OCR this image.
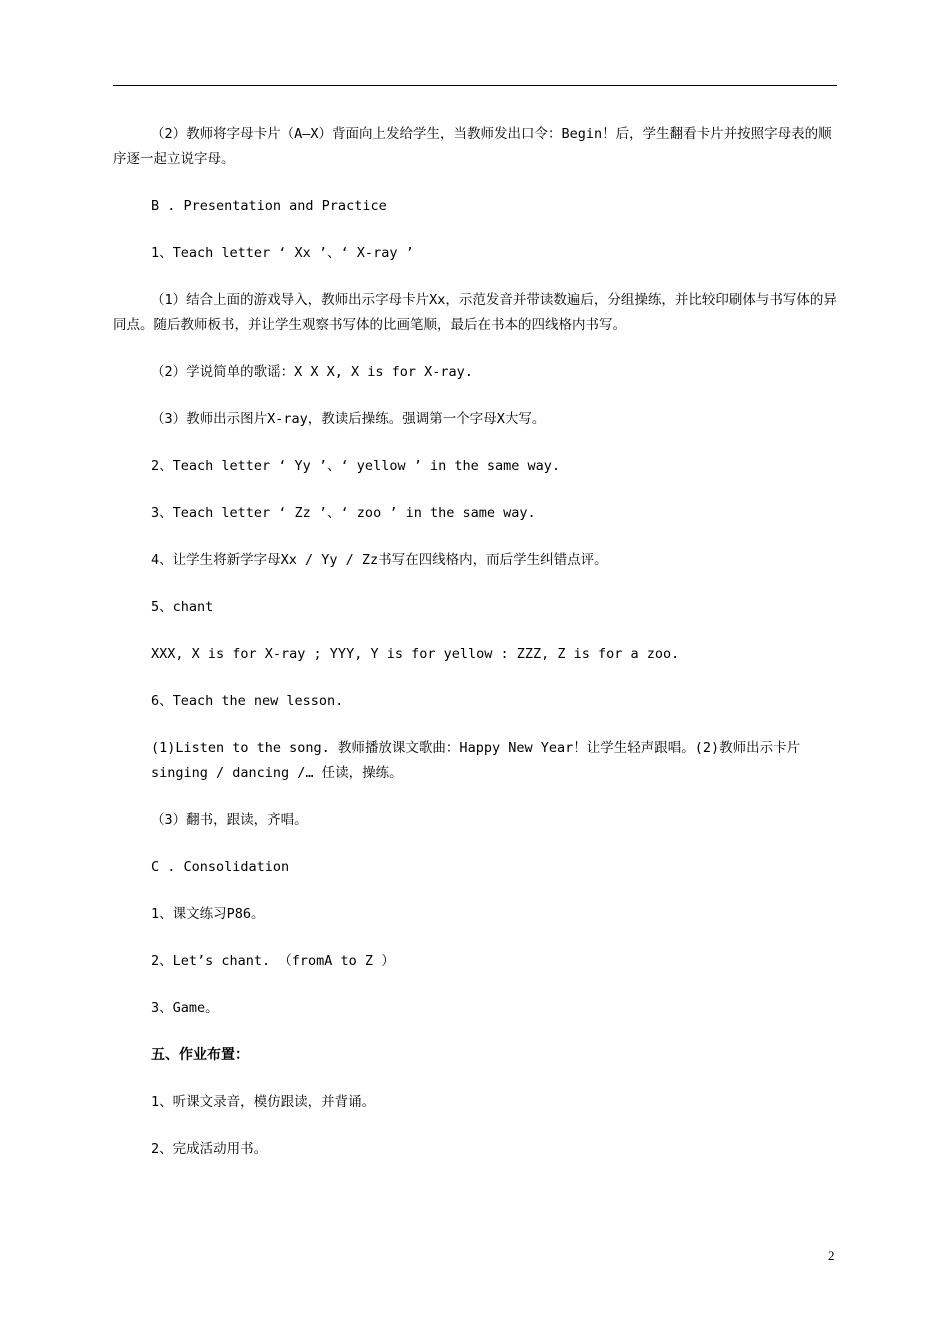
（2）教师将字母卡片（A—X）背面向上发给学生，当教师发出口令：Begin！后，学生翻看卡片并按照字母表的顺序逐一起立说字母。

B . Presentation and Practice

1、Teach letter ‘ Xx ’、‘ X-ray ’

（1）结合上面的游戏导入，教师出示字母卡片Xx，示范发音并带读数遍后，分组操练，并比较印刷体与书写体的异同点。随后教师板书，并让学生观察书写体的比画笔顺，最后在书本的四线格内书写。

（2）学说简单的歌谣：X X X, X is for X-ray.

（3）教师出示图片X-ray，教读后操练。强调第一个字母X大写。

2、Teach letter ‘ Yy ’、‘ yellow ’ in the same way.

3、Teach letter ‘ Zz ’、‘ zoo ’ in the same way.

4、让学生将新学字母Xx / Yy / Zz书写在四线格内，而后学生纠错点评。

5、chant

XXX, X is for X-ray ; YYY, Y is for yellow : ZZZ, Z is for a zoo.

6、Teach the new lesson.

(1)Listen to the song. 教师播放课文歌曲：Happy New Year！让学生轻声跟唱。(2)教师出示卡片singing / dancing /… 任读，操练。

（3）翻书，跟读，齐唱。

C . Consolidation

1、课文练习P86。

2、Let’s chant. （fromA to Z ）

3、Game。

五、作业布置：

1、听课文录音，模仿跟读，并背诵。

2、完成活动用书。

2
